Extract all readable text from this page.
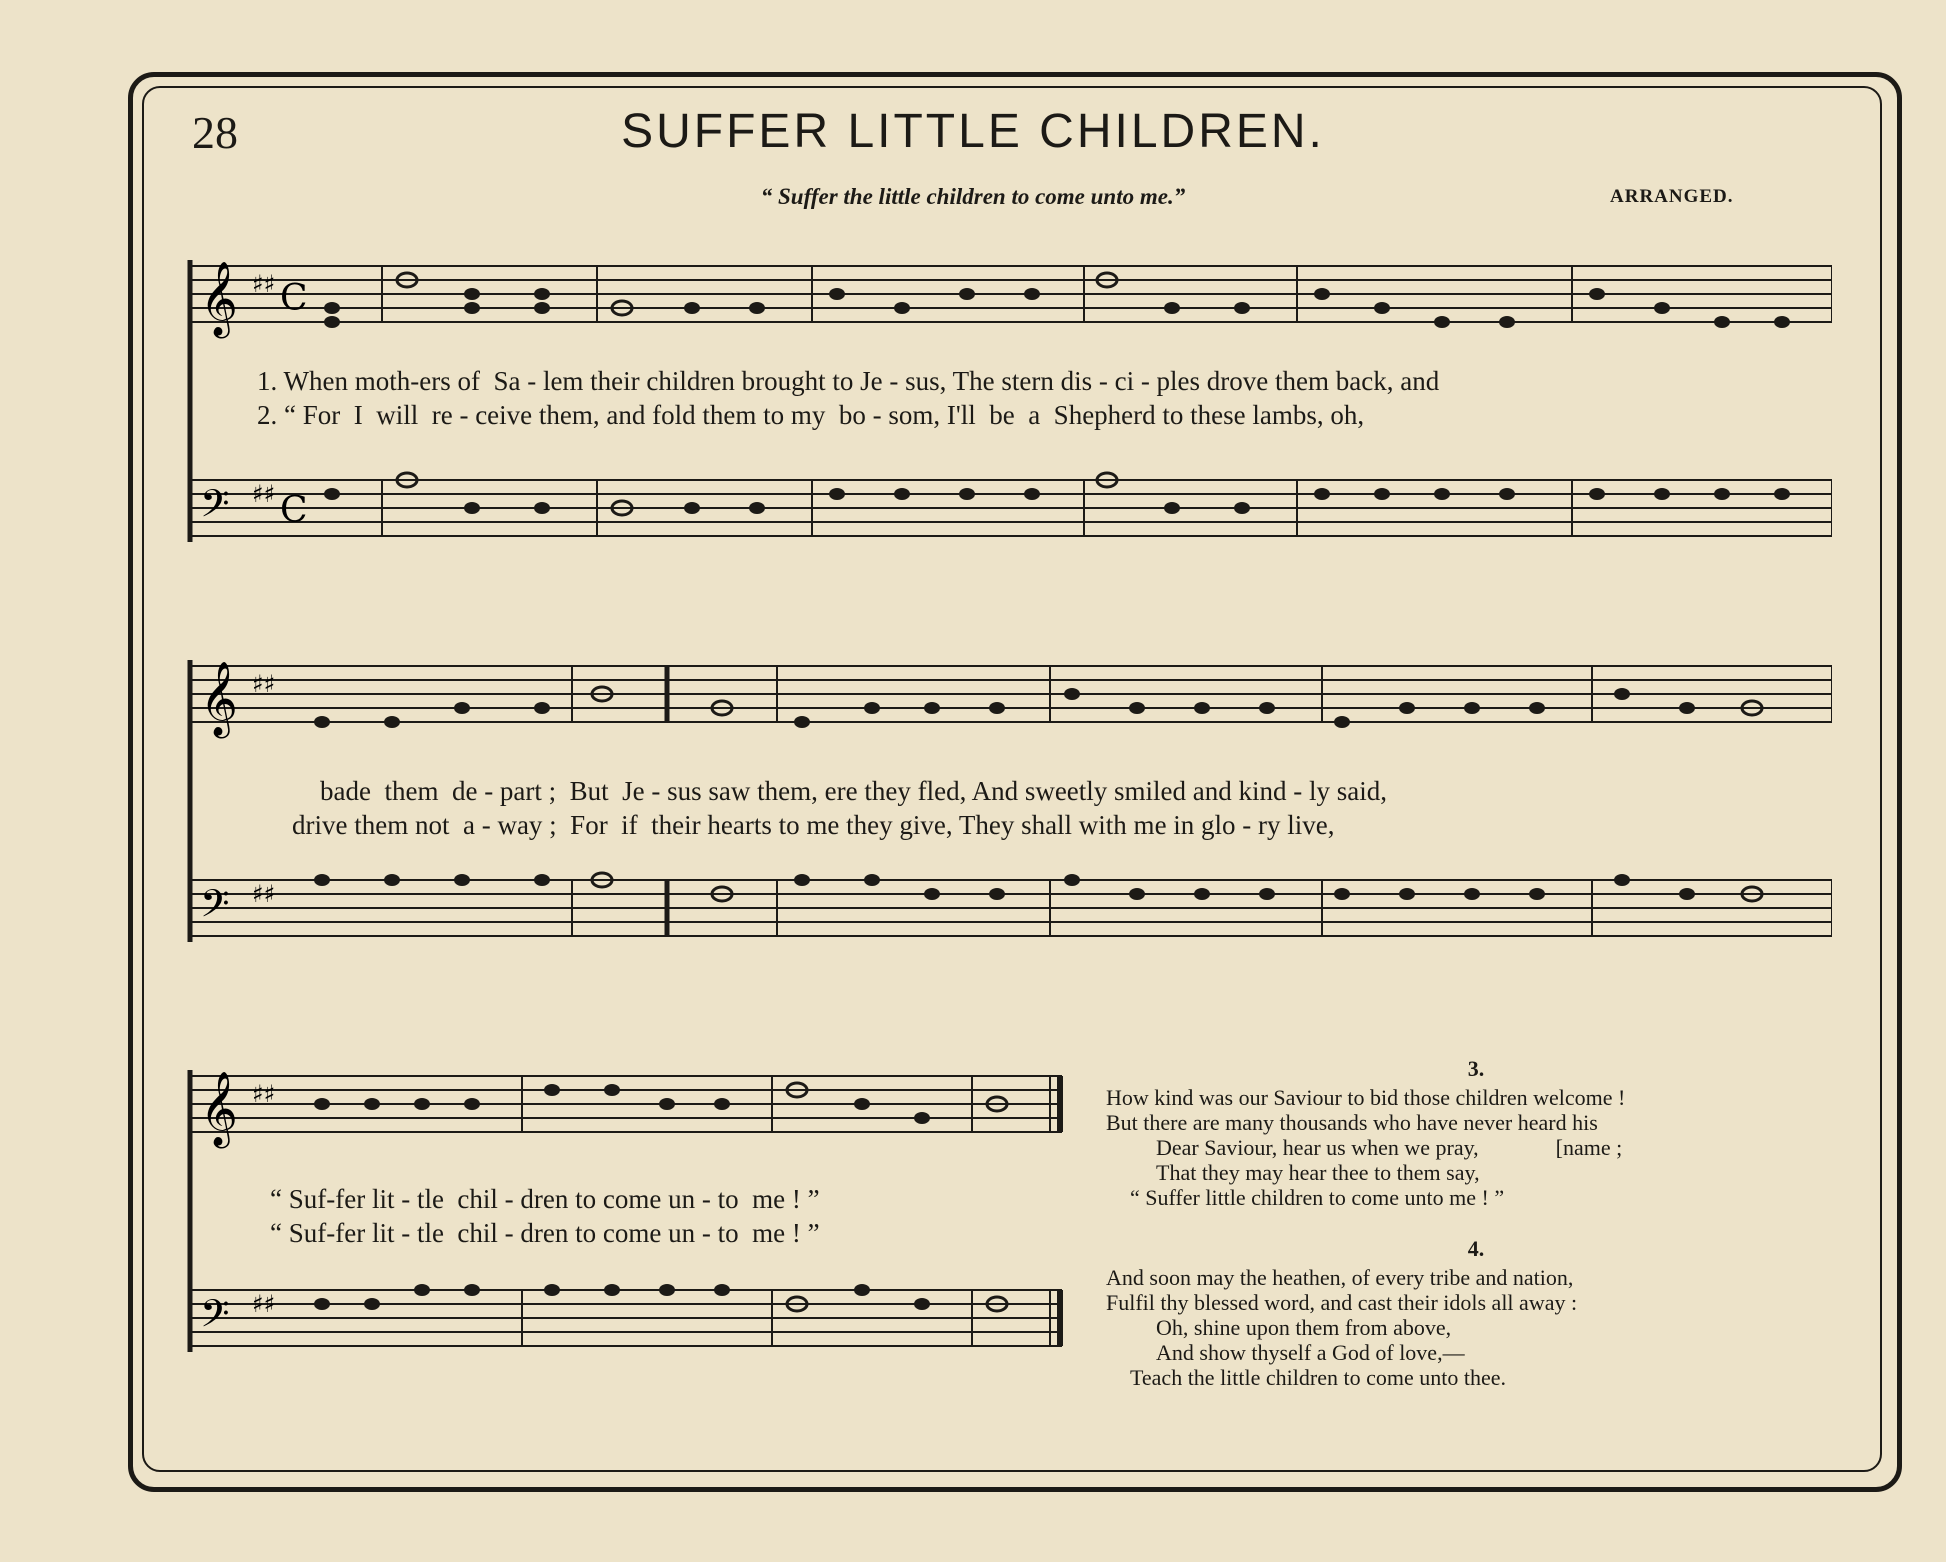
28	SUFFER LITTLE CHILDREN.
“ Suffer the little children to come unto me.”	ARRANGED.
𝄞
𝄢
♯♯
♯♯
C
C
1. When moth-ers of  Sa - lem their children brought to Je - sus, The stern dis - ci - ples drove them back, and
2. “ For  I  will  re - ceive them, and fold them to my  bo - som, I'll  be  a  Shepherd to these lambs, oh,
𝄞
𝄢
♯♯
♯♯
bade  them  de - part ;  But  Je - sus saw them, ere they fled, And sweetly smiled and kind - ly said,
drive them not  a - way ;  For  if  their hearts to me they give, They shall with me in glo - ry live,
𝄞
𝄢
♯♯
♯♯
“ Suf-fer lit - tle  chil - dren to come un - to  me ! ”
“ Suf-fer lit - tle  chil - dren to come un - to  me ! ”
3.
How kind was our Saviour to bid those children welcome !
But there are many thousands who have never heard his
Dear Saviour, hear us when we pray,              [name ;
That they may hear thee to them say,
“ Suffer little children to come unto me ! ”
4.
And soon may the heathen, of every tribe and nation,
Fulfil thy blessed word, and cast their idols all away :
Oh, shine upon them from above,
And show thyself a God of love,—
Teach the little children to come unto thee.
